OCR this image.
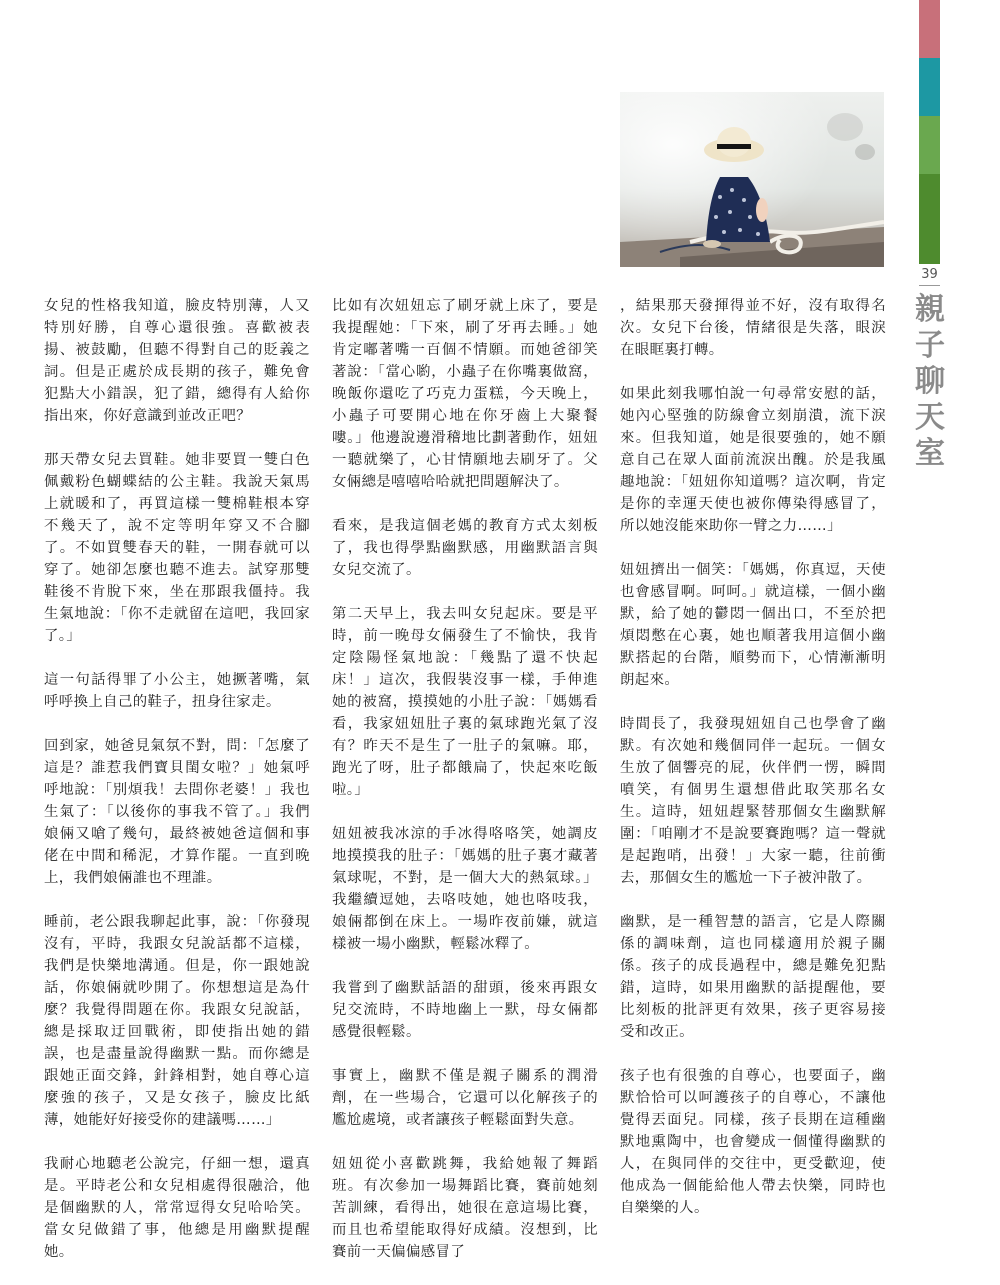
39
親
子
聊
天
室

女兒的性格我知道，臉皮特別薄，人又特別好勝，自尊心還很強。喜歡被表揚、被鼓勵，但聽不得對自己的貶義之詞。但是正處於成長期的孩子，難免會犯點大小錯誤，犯了錯，總得有人給你指出來，你好意識到並改正吧？

那天帶女兒去買鞋。她非要買一雙白色佩戴粉色蝴蝶結的公主鞋。我說天氣馬上就暖和了，再買這樣一雙棉鞋根本穿不幾天了，說不定等明年穿又不合腳了。不如買雙春天的鞋，一開春就可以穿了。她卻怎麼也聽不進去。試穿那雙鞋後不肯脫下來，坐在那跟我僵持。我生氣地說：「你不走就留在這吧，我回家了。」

這一句話得罪了小公主，她撅著嘴，氣呼呼換上自己的鞋子，扭身往家走。

回到家，她爸見氣氛不對，問：「怎麼了這是？誰惹我們寶貝閨女啦？」她氣呼呼地說：「別煩我！去問你老婆！」我也生氣了：「以後你的事我不管了。」我們娘倆又嗆了幾句，最終被她爸這個和事佬在中間和稀泥，才算作罷。一直到晚上，我們娘倆誰也不理誰。

睡前，老公跟我聊起此事，說：「你發現沒有，平時，我跟女兒說話都不這樣，我們是快樂地溝通。但是，你一跟她說話，你娘倆就吵開了。你想想這是為什麼？我覺得問題在你。我跟女兒說話，總是採取迂回戰術，即使指出她的錯誤，也是盡量說得幽默一點。而你總是跟她正面交鋒，針鋒相對，她自尊心這麼強的孩子，又是女孩子，臉皮比紙薄，她能好好接受你的建議嗎……」

我耐心地聽老公說完，仔細一想，還真是。平時老公和女兒相處得很融洽，他是個幽默的人，常常逗得女兒哈哈笑。當女兒做錯了事，他總是用幽默提醒她。

比如有次妞妞忘了刷牙就上床了，要是我提醒她：「下來，刷了牙再去睡。」她肯定嘟著嘴一百個不情願。而她爸卻笑著說：「當心喲，小蟲子在你嘴裏做窩，晚飯你還吃了巧克力蛋糕，今天晚上，小蟲子可要開心地在你牙齒上大聚餐嘍。」他邊說邊滑稽地比劃著動作，妞妞一聽就樂了，心甘情願地去刷牙了。父女倆總是嘻嘻哈哈就把問題解決了。

看來，是我這個老媽的教育方式太刻板了，我也得學點幽默感，用幽默語言與女兒交流了。

第二天早上，我去叫女兒起床。要是平時，前一晚母女倆發生了不愉快，我肯定陰陽怪氣地說：「幾點了還不快起床！」這次，我假裝沒事一樣，手伸進她的被窩，摸摸她的小肚子說：「媽媽看看，我家妞妞肚子裏的氣球跑光氣了沒有？昨天不是生了一肚子的氣嘛。耶，跑光了呀，肚子都餓扁了，快起來吃飯啦。」

妞妞被我冰涼的手冰得咯咯笑，她調皮地摸摸我的肚子：「媽媽的肚子裏才藏著氣球呢，不對，是一個大大的熱氣球。」我繼續逗她，去咯吱她，她也咯吱我，娘倆都倒在床上。一場昨夜前嫌，就這樣被一場小幽默，輕鬆冰釋了。

我嘗到了幽默話語的甜頭，後來再跟女兒交流時，不時地幽上一默，母女倆都感覺很輕鬆。

事實上，幽默不僅是親子關系的潤滑劑，在一些場合，它還可以化解孩子的尷尬處境，或者讓孩子輕鬆面對失意。

妞妞從小喜歡跳舞，我給她報了舞蹈班。有次參加一場舞蹈比賽，賽前她刻苦訓練，看得出，她很在意這場比賽，而且也希望能取得好成績。沒想到，比賽前一天偏偏感冒了

，結果那天發揮得並不好，沒有取得名次。女兒下台後，情緒很是失落，眼淚在眼眶裏打轉。

如果此刻我哪怕說一句尋常安慰的話，她內心堅強的防線會立刻崩潰，流下淚來。但我知道，她是很要強的，她不願意自己在眾人面前流淚出醜。於是我風趣地說：「妞妞你知道嗎？這次啊，肯定是你的幸運天使也被你傳染得感冒了，所以她沒能來助你一臂之力……」

妞妞擠出一個笑：「媽媽，你真逗，天使也會感冒啊。呵呵。」就這樣，一個小幽默，給了她的鬱悶一個出口，不至於把煩悶憋在心裏，她也順著我用這個小幽默搭起的台階，順勢而下，心情漸漸明朗起來。

時間長了，我發現妞妞自己也學會了幽默。有次她和幾個同伴一起玩。一個女生放了個響亮的屁，伙伴們一愣，瞬間噴笑，有個男生還想借此取笑那名女生。這時，妞妞趕緊替那個女生幽默解圍：「咱剛才不是說要賽跑嗎？這一聲就是起跑哨，出發！」大家一聽，往前衝去，那個女生的尷尬一下子被沖散了。

幽默，是一種智慧的語言，它是人際關係的調味劑，這也同樣適用於親子關係。孩子的成長過程中，總是難免犯點錯，這時，如果用幽默的話提醒他，要比刻板的批評更有效果，孩子更容易接受和改正。

孩子也有很強的自尊心，也要面子，幽默恰恰可以呵護孩子的自尊心，不讓他覺得丟面兒。同樣，孩子長期在這種幽默地熏陶中，也會變成一個懂得幽默的人，在與同伴的交往中，更受歡迎，使他成為一個能給他人帶去快樂，同時也自樂樂的人。
